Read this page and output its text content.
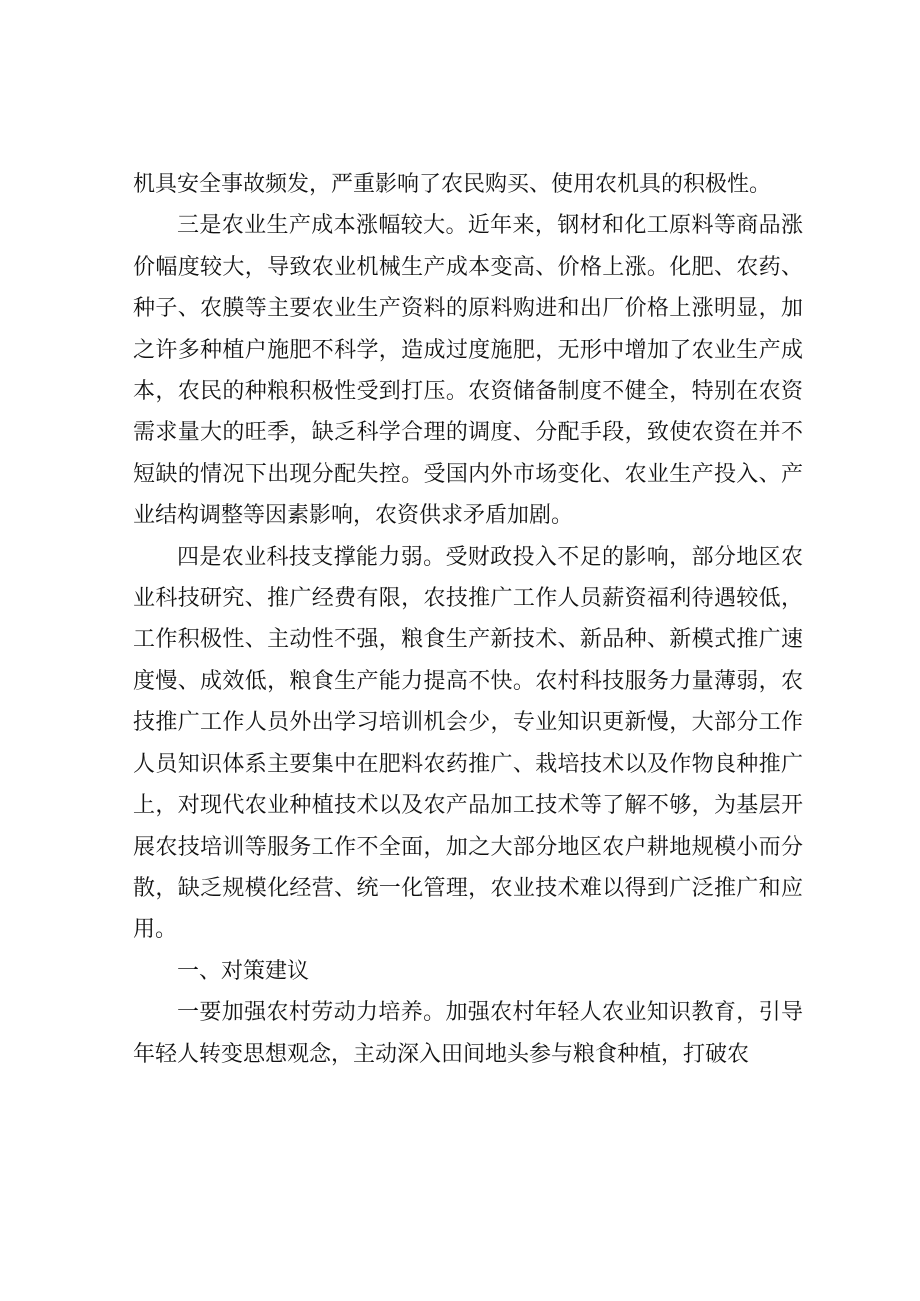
机具安全事故频发，严重影响了农民购买、使用农机具的积极性。

三是农业生产成本涨幅较大。近年来，钢材和化工原料等商品涨价幅度较大，导致农业机械生产成本变高、价格上涨。化肥、农药、种子、农膜等主要农业生产资料的原料购进和出厂价格上涨明显，加之许多种植户施肥不科学，造成过度施肥，无形中增加了农业生产成本，农民的种粮积极性受到打压。农资储备制度不健全，特别在农资需求量大的旺季，缺乏科学合理的调度、分配手段，致使农资在并不短缺的情况下出现分配失控。受国内外市场变化、农业生产投入、产业结构调整等因素影响，农资供求矛盾加剧。

四是农业科技支撑能力弱。受财政投入不足的影响，部分地区农业科技研究、推广经费有限，农技推广工作人员薪资福利待遇较低，工作积极性、主动性不强，粮食生产新技术、新品种、新模式推广速度慢、成效低，粮食生产能力提高不快。农村科技服务力量薄弱，农技推广工作人员外出学习培训机会少，专业知识更新慢，大部分工作人员知识体系主要集中在肥料农药推广、栽培技术以及作物良种推广上，对现代农业种植技术以及农产品加工技术等了解不够，为基层开展农技培训等服务工作不全面，加之大部分地区农户耕地规模小而分散，缺乏规模化经营、统一化管理，农业技术难以得到广泛推广和应用。

一、对策建议

一要加强农村劳动力培养。加强农村年轻人农业知识教育，引导年轻人转变思想观念，主动深入田间地头参与粮食种植，打破农
